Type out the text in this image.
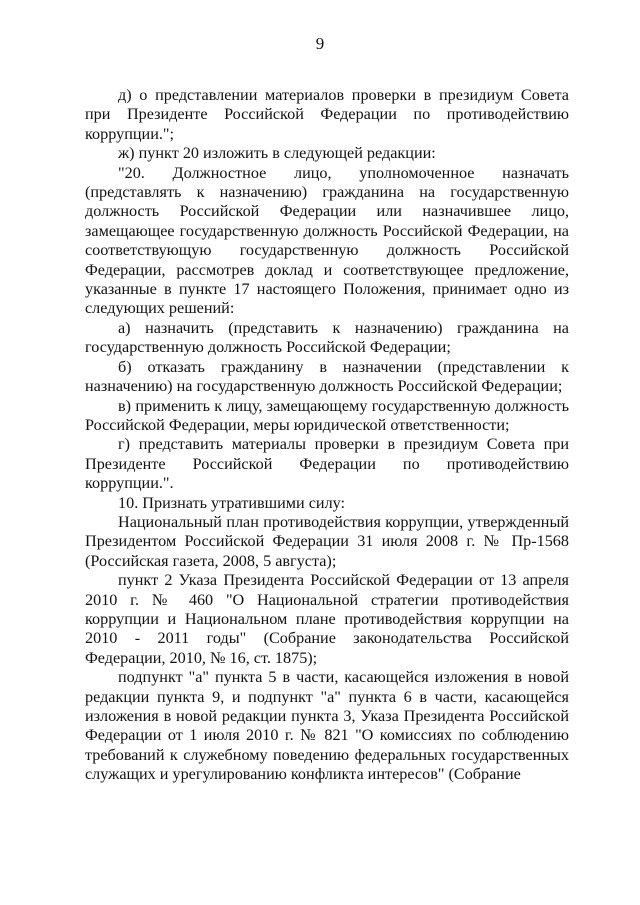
9

д) о представлении материалов проверки в президиум Совета при Президенте Российской Федерации по противодействию коррупции.";

ж) пункт 20 изложить в следующей редакции:

"20. Должностное лицо, уполномоченное назначать (представлять к назначению) гражданина на государственную должность Российской Федерации или назначившее лицо, замещающее государственную должность Российской Федерации, на соответствующую государственную должность Российской Федерации, рассмотрев доклад и соответствующее предложение, указанные в пункте 17 настоящего Положения, принимает одно из следующих решений:

а) назначить (представить к назначению) гражданина на государственную должность Российской Федерации;

б) отказать гражданину в назначении (представлении к назначению) на государственную должность Российской Федерации;

в) применить к лицу, замещающему государственную должность Российской Федерации, меры юридической ответственности;

г) представить материалы проверки в президиум Совета при Президенте Российской Федерации по противодействию коррупции.".

10. Признать утратившими силу:

Национальный план противодействия коррупции, утвержденный Президентом Российской Федерации 31 июля 2008 г. № Пр-1568 (Российская газета, 2008, 5 августа);

пункт 2 Указа Президента Российской Федерации от 13 апреля 2010 г. № 460 "О Национальной стратегии противодействия коррупции и Национальном плане противодействия коррупции на 2010 - 2011 годы" (Собрание законодательства Российской Федерации, 2010, № 16, ст. 1875);

подпункт "а" пункта 5 в части, касающейся изложения в новой редакции пункта 9, и подпункт "а" пункта 6 в части, касающейся изложения в новой редакции пункта 3, Указа Президента Российской Федерации от 1 июля 2010 г. № 821 "О комиссиях по соблюдению требований к служебному поведению федеральных государственных служащих и урегулированию конфликта интересов" (Собрание
